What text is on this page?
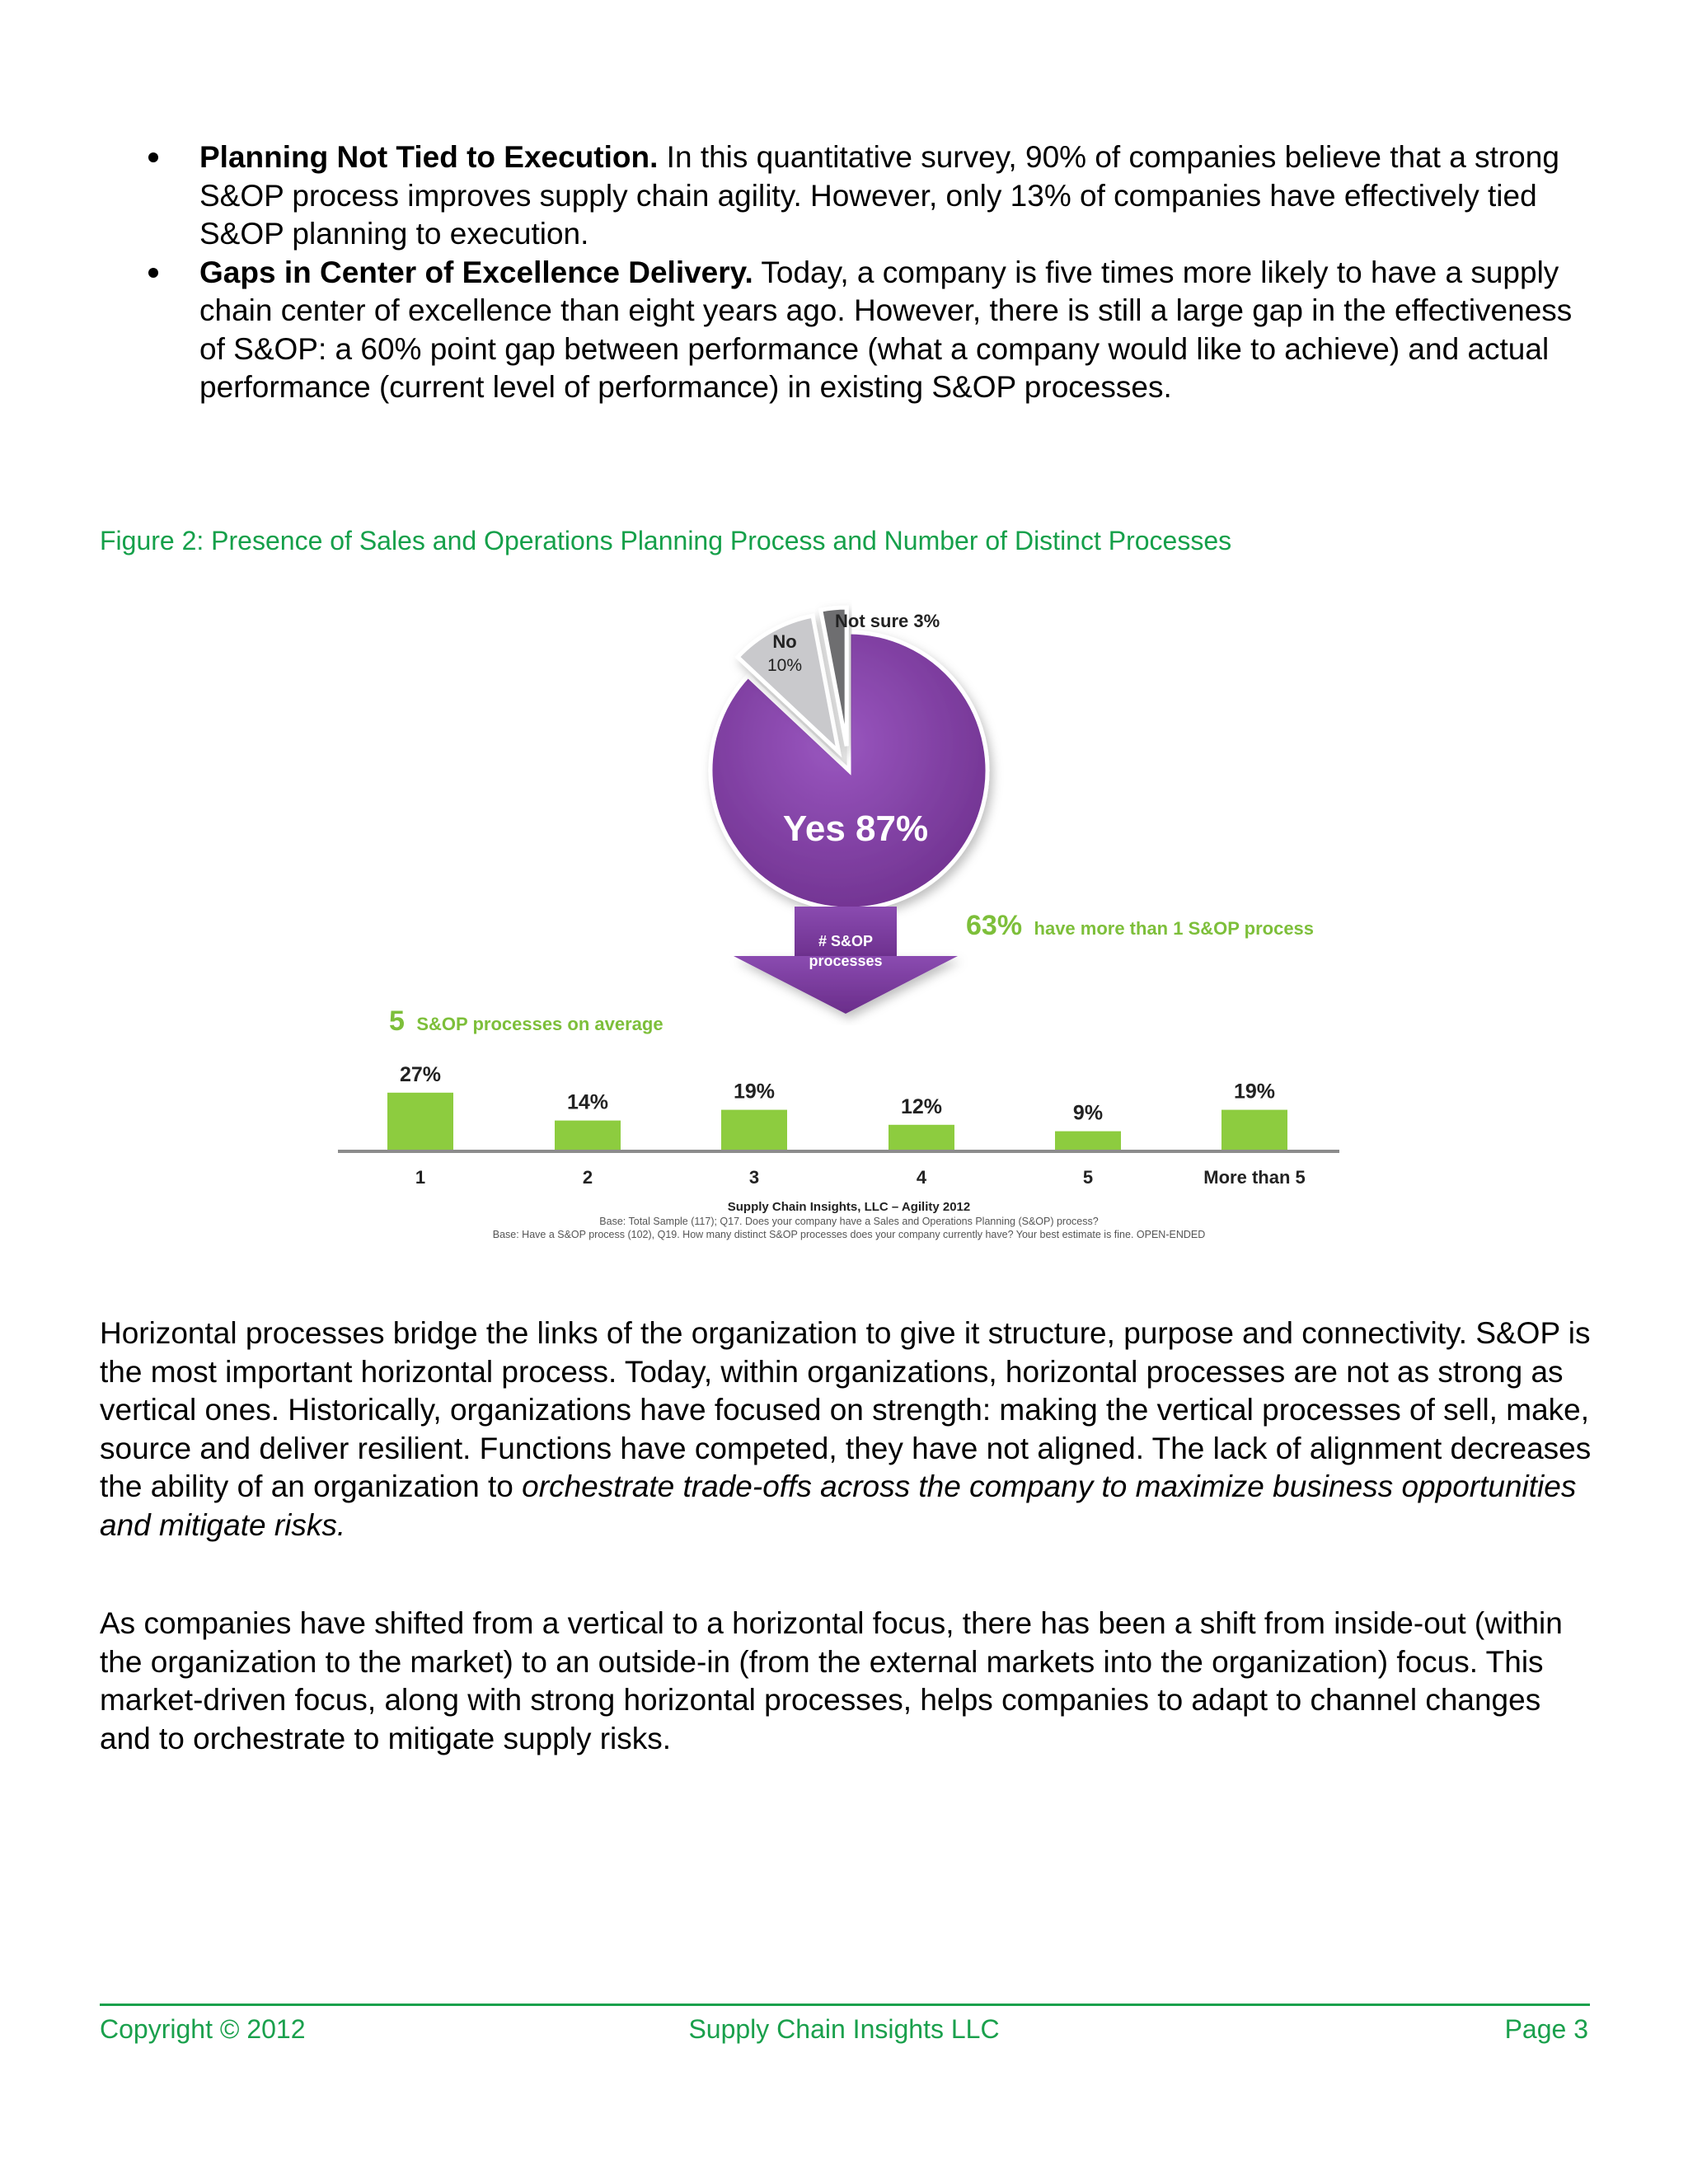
Planning Not Tied to Execution. In this quantitative survey, 90% of companies believe that a strong S&OP process improves supply chain agility. However, only 13% of companies have effectively tied S&OP planning to execution.
Gaps in Center of Excellence Delivery. Today, a company is five times more likely to have a supply chain center of excellence than eight years ago. However, there is still a large gap in the effectiveness of S&OP: a 60% point gap between performance (what a company would like to achieve) and actual performance (current level of performance) in existing S&OP processes.
Figure 2: Presence of Sales and Operations Planning Process and Number of Distinct Processes
Yes 87%
No
10%
Not sure 3%
# S&OP
processes
63% have more than 1 S&OP process
5 S&OP processes on average
27%
1
14%
2
19%
3
12%
4
9%
5
19%
More than 5
Supply Chain Insights, LLC – Agility 2012
Base: Total Sample (117); Q17. Does your company have a Sales and Operations Planning (S&OP) process?
Base: Have a S&OP process (102), Q19. How many distinct S&OP processes does your company currently have? Your best estimate is fine. OPEN-ENDED

Horizontal processes bridge the links of the organization to give it structure, purpose and connectivity. S&OP is the most important horizontal process. Today, within organizations, horizontal processes are not as strong as vertical ones. Historically, organizations have focused on strength: making the vertical processes of sell, make, source and deliver resilient. Functions have competed, they have not aligned. The lack of alignment decreases the ability of an organization to orchestrate trade-offs across the company to maximize business opportunities and mitigate risks.

As companies have shifted from a vertical to a horizontal focus, there has been a shift from inside-out (within the organization to the market) to an outside-in (from the external markets into the organization) focus. This market-driven focus, along with strong horizontal processes, helps companies to adapt to channel changes and to orchestrate to mitigate supply risks.

Copyright © 2012	Supply Chain Insights LLC	Page 3
